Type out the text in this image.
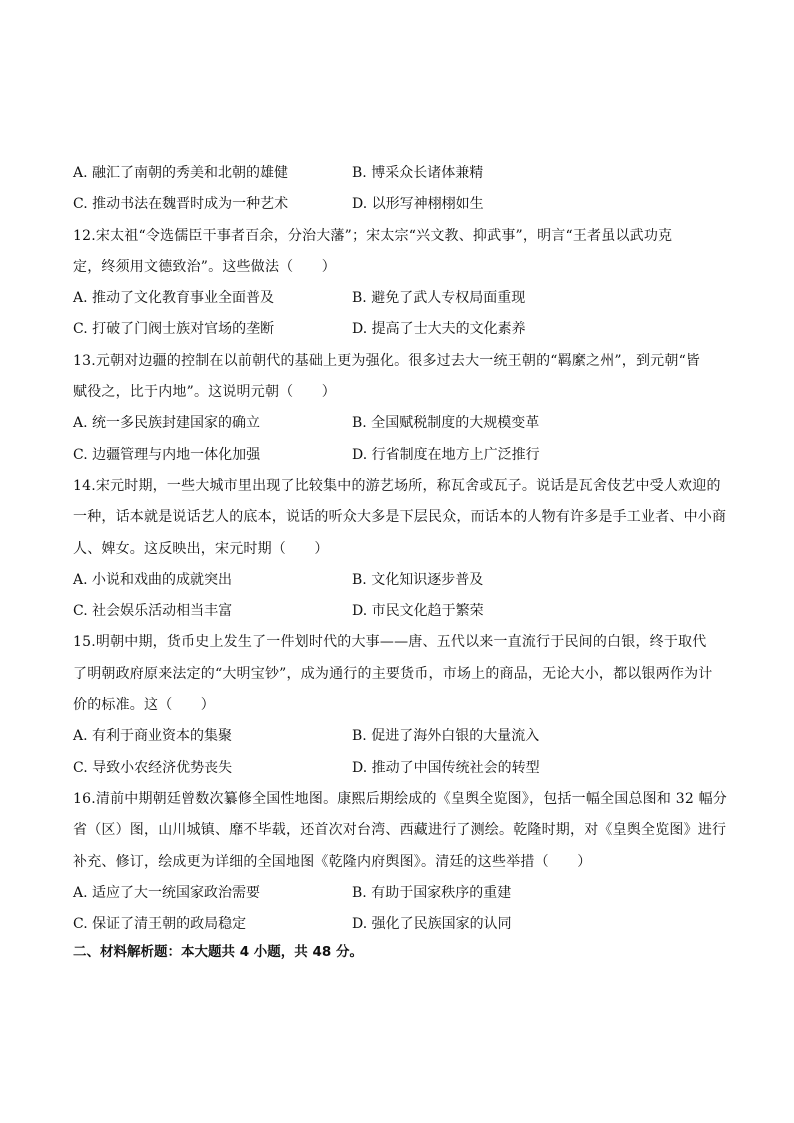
A. 融汇了南朝的秀美和北朝的雄健	B. 博采众长诸体兼精
C. 推动书法在魏晋时成为一种艺术	D. 以形写神栩栩如生
12.宋太祖“令选儒臣干事者百余，分治大藩”；宋太宗“兴文教、抑武事”，明言“王者虽以武功克
定，终须用文德致治”。这些做法（　　）
A. 推动了文化教育事业全面普及	B. 避免了武人专权局面重现
C. 打破了门阀士族对官场的垄断	D. 提高了士大夫的文化素养
13.元朝对边疆的控制在以前朝代的基础上更为强化。很多过去大一统王朝的“羁縻之州”，到元朝“皆
赋役之，比于内地”。这说明元朝（　　）
A. 统一多民族封建国家的确立	B. 全国赋税制度的大规模变革
C. 边疆管理与内地一体化加强	D. 行省制度在地方上广泛推行
14.宋元时期，一些大城市里出现了比较集中的游艺场所，称瓦舍或瓦子。说话是瓦舍伎艺中受人欢迎的
一种，话本就是说话艺人的底本，说话的听众大多是下层民众，而话本的人物有许多是手工业者、中小商
人、婢女。这反映出，宋元时期（　　）
A. 小说和戏曲的成就突出	B. 文化知识逐步普及
C. 社会娱乐活动相当丰富	D. 市民文化趋于繁荣
15.明朝中期，货币史上发生了一件划时代的大事——唐、五代以来一直流行于民间的白银，终于取代
了明朝政府原来法定的“大明宝钞”，成为通行的主要货币，市场上的商品，无论大小，都以银两作为计
价的标准。这（　　）
A. 有利于商业资本的集聚	B. 促进了海外白银的大量流入
C. 导致小农经济优势丧失	D. 推动了中国传统社会的转型
16.清前中期朝廷曾数次纂修全国性地图。康熙后期绘成的《皇舆全览图》，包括一幅全国总图和 32 幅分
省（区）图，山川城镇、靡不毕载，还首次对台湾、西藏进行了测绘。乾隆时期，对《皇舆全览图》进行
补充、修订，绘成更为详细的全国地图《乾隆内府舆图》。清廷的这些举措（　　）
A. 适应了大一统国家政治需要	B. 有助于国家秩序的重建
C. 保证了清王朝的政局稳定	D. 强化了民族国家的认同
二、材料解析题：本大题共 4 小题，共 48 分。
